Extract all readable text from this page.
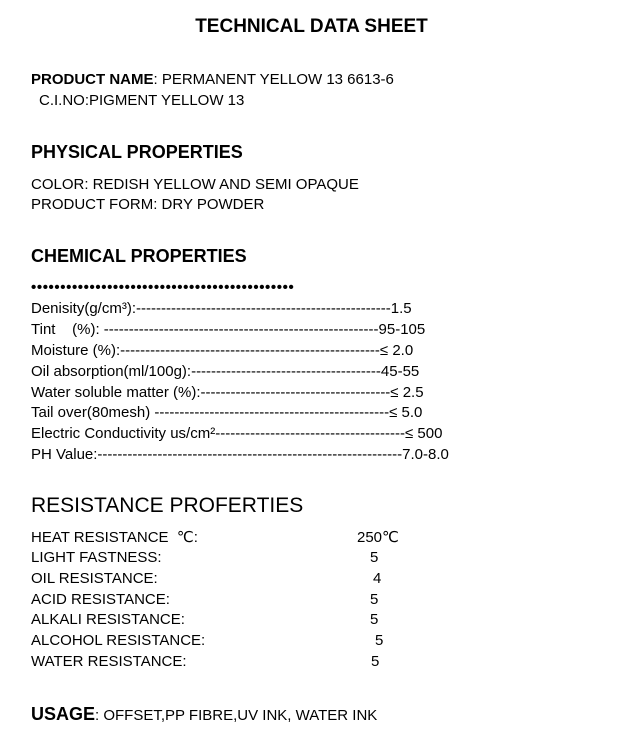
TECHNICAL DATA SHEET
PRODUCT NAME: PERMANENT YELLOW 13 6613-6
C.I.NO:PIGMENT YELLOW 13
PHYSICAL PROPERTIES
COLOR: REDISH YELLOW AND SEMI OPAQUE
PRODUCT FORM: DRY POWDER
CHEMICAL PROPERTIES
•••••••••••••••••••••••••••••••••••••••••••••
Denisity(g/cm³):---------------------------------------------------1.5
Tint    (%): -------------------------------------------------------95-105
Moisture (%):----------------------------------------------------≤ 2.0
Oil absorption(ml/100g):--------------------------------------45-55
Water soluble matter (%):--------------------------------------≤ 2.5
Tail over(80mesh) -----------------------------------------------≤ 5.0
Electric Conductivity us/cm²--------------------------------------≤ 500
PH Value:-------------------------------------------------------------7.0-8.0
RESISTANCE PROFERTIES
HEAT RESISTANCE  ℃:	250℃
LIGHT FASTNESS:	5
OIL RESISTANCE:	4
ACID RESISTANCE:	5
ALKALI RESISTANCE:	5
ALCOHOL RESISTANCE:	5
WATER RESISTANCE:	5
USAGE: OFFSET,PP FIBRE,UV INK, WATER INK
